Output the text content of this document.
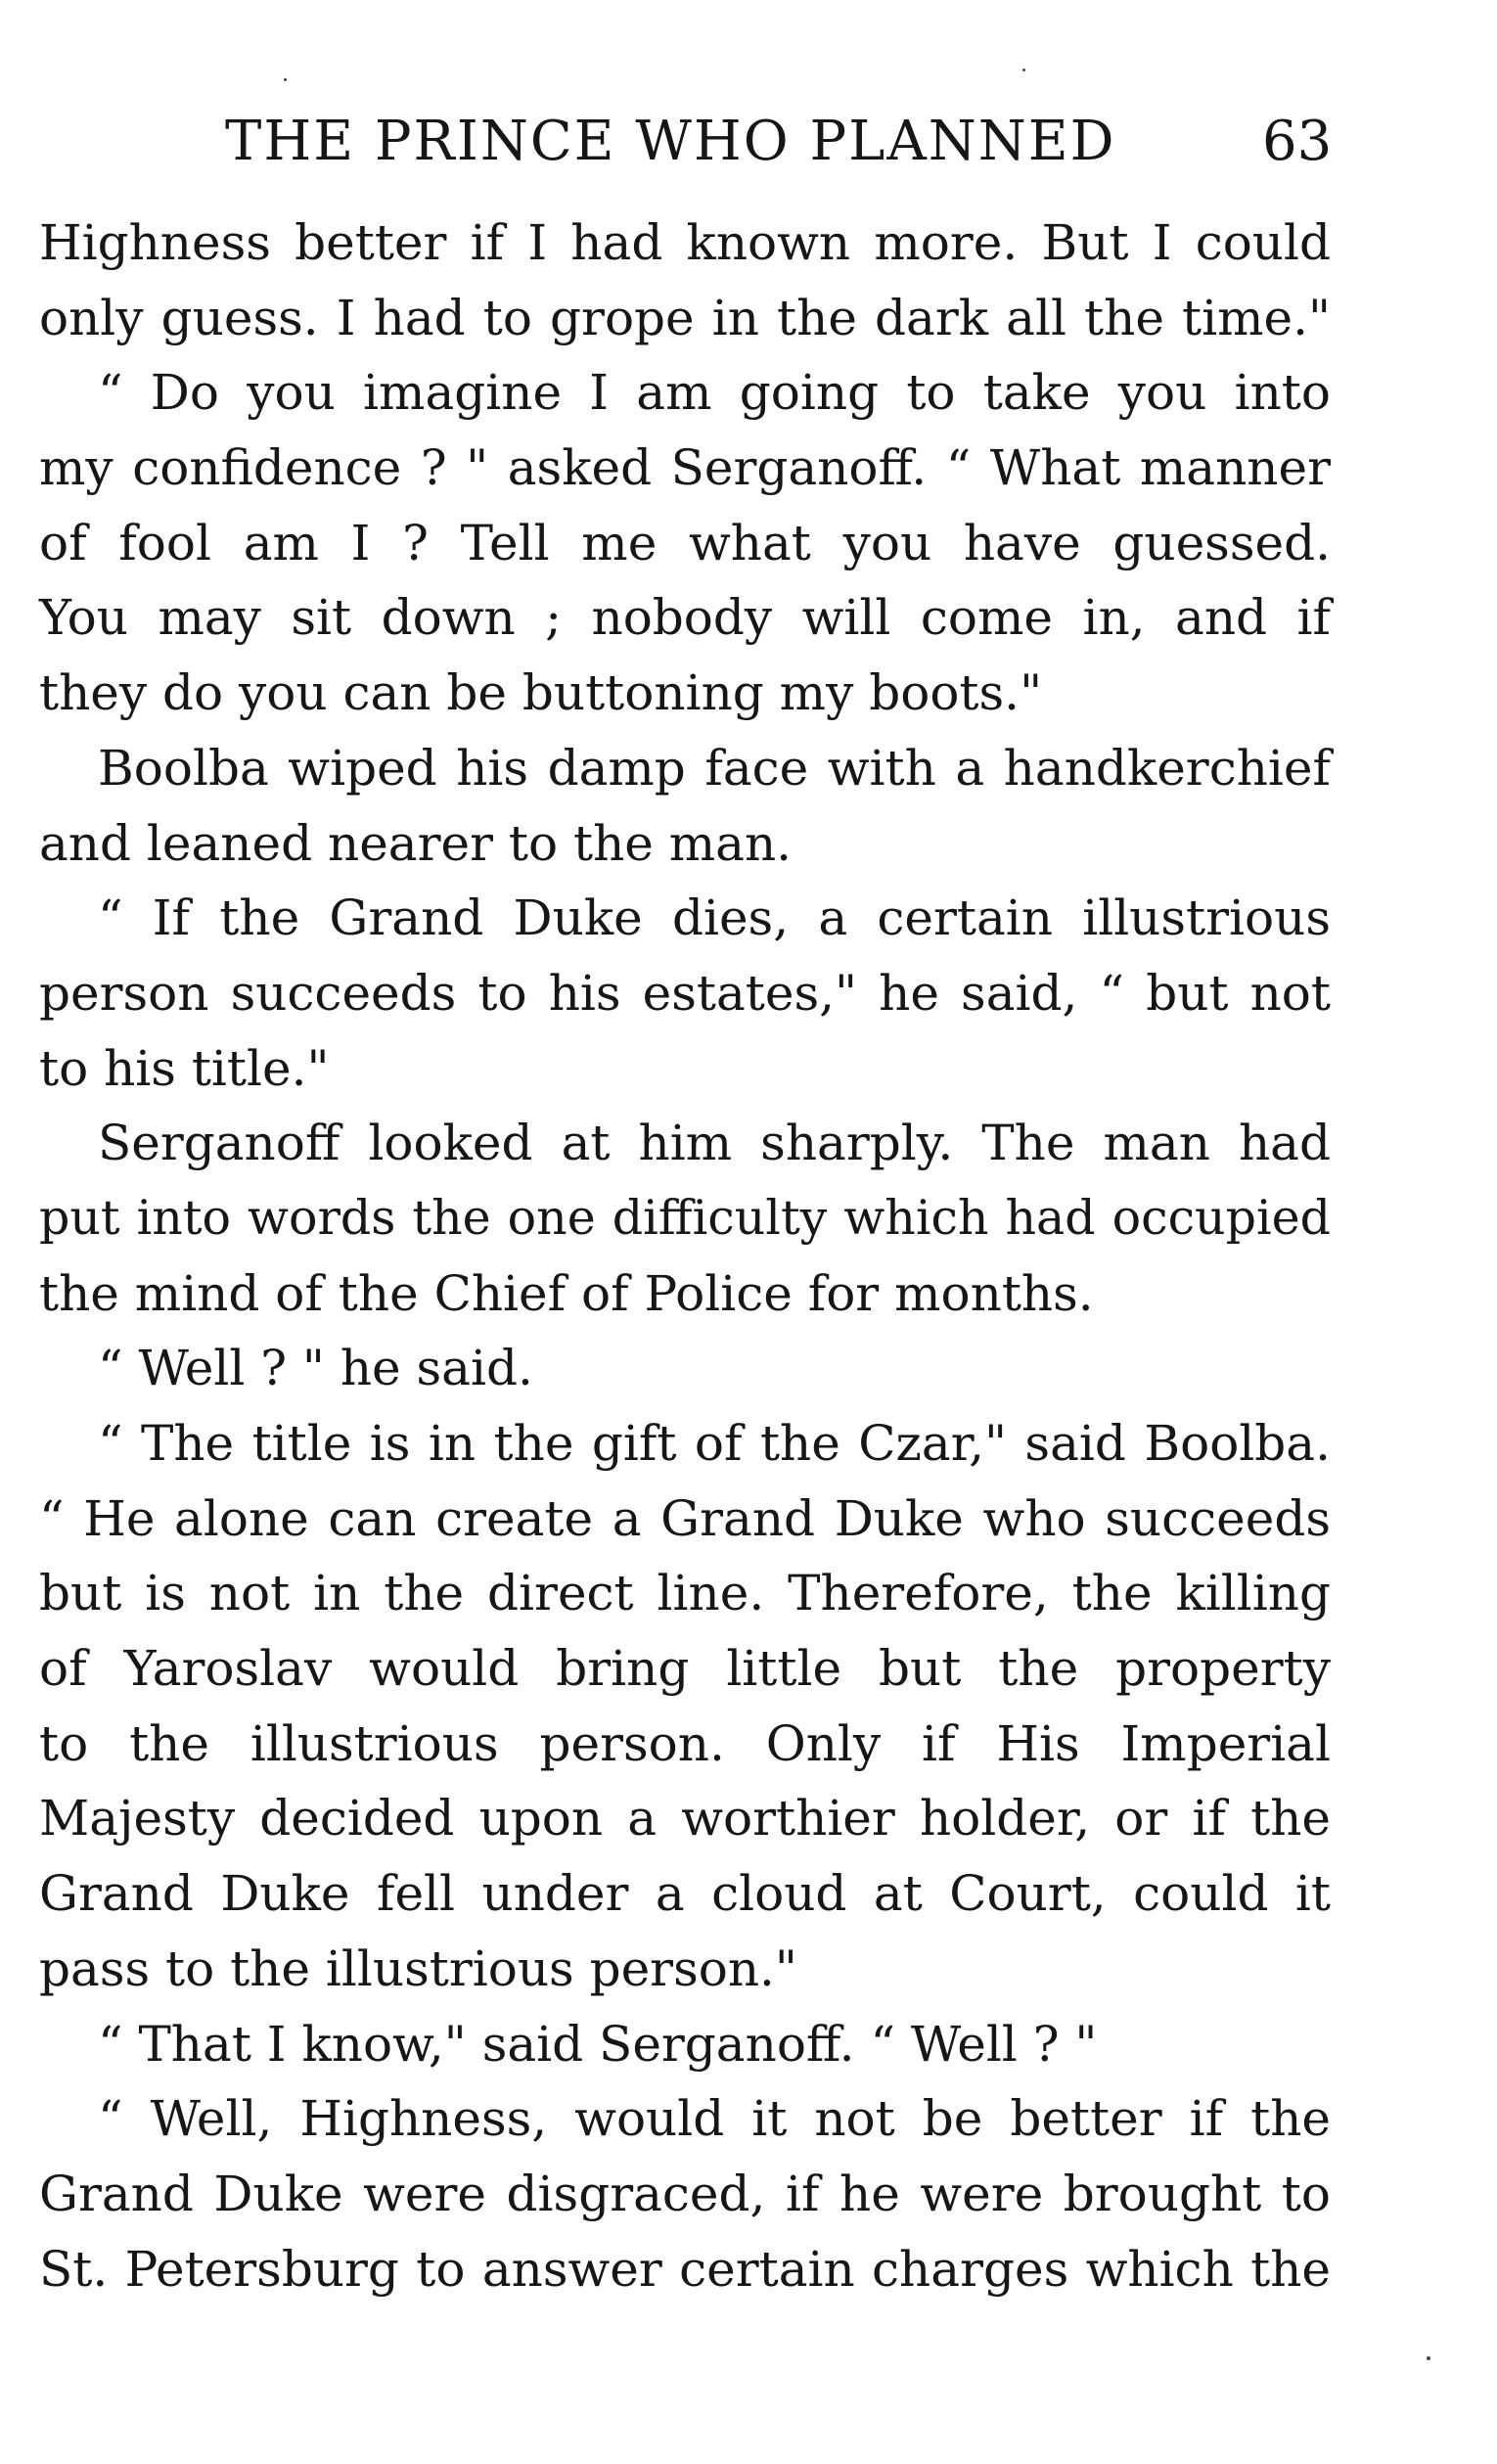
THE PRINCE WHO PLANNED	63
Highness better if I had known more. But I could
only guess. I had to grope in the dark all the time."
“ Do you imagine I am going to take you into
my confidence ? " asked Serganoff. “ What manner
of fool am I ? Tell me what you have guessed.
You may sit down ; nobody will come in, and if
they do you can be buttoning my boots."
Boolba wiped his damp face with a handkerchief
and leaned nearer to the man.
“ If the Grand Duke dies, a certain illustrious
person succeeds to his estates," he said, “ but not
to his title."
Serganoff looked at him sharply. The man had
put into words the one difficulty which had occupied
the mind of the Chief of Police for months.
“ Well ? " he said.
“ The title is in the gift of the Czar," said Boolba.
“ He alone can create a Grand Duke who succeeds
but is not in the direct line. Therefore, the killing
of Yaroslav would bring little but the property
to the illustrious person. Only if His Imperial
Majesty decided upon a worthier holder, or if the
Grand Duke fell under a cloud at Court, could it
pass to the illustrious person."
“ That I know," said Serganoff. “ Well ? "
“ Well, Highness, would it not be better if the
Grand Duke were disgraced, if he were brought to
St. Petersburg to answer certain charges which the
